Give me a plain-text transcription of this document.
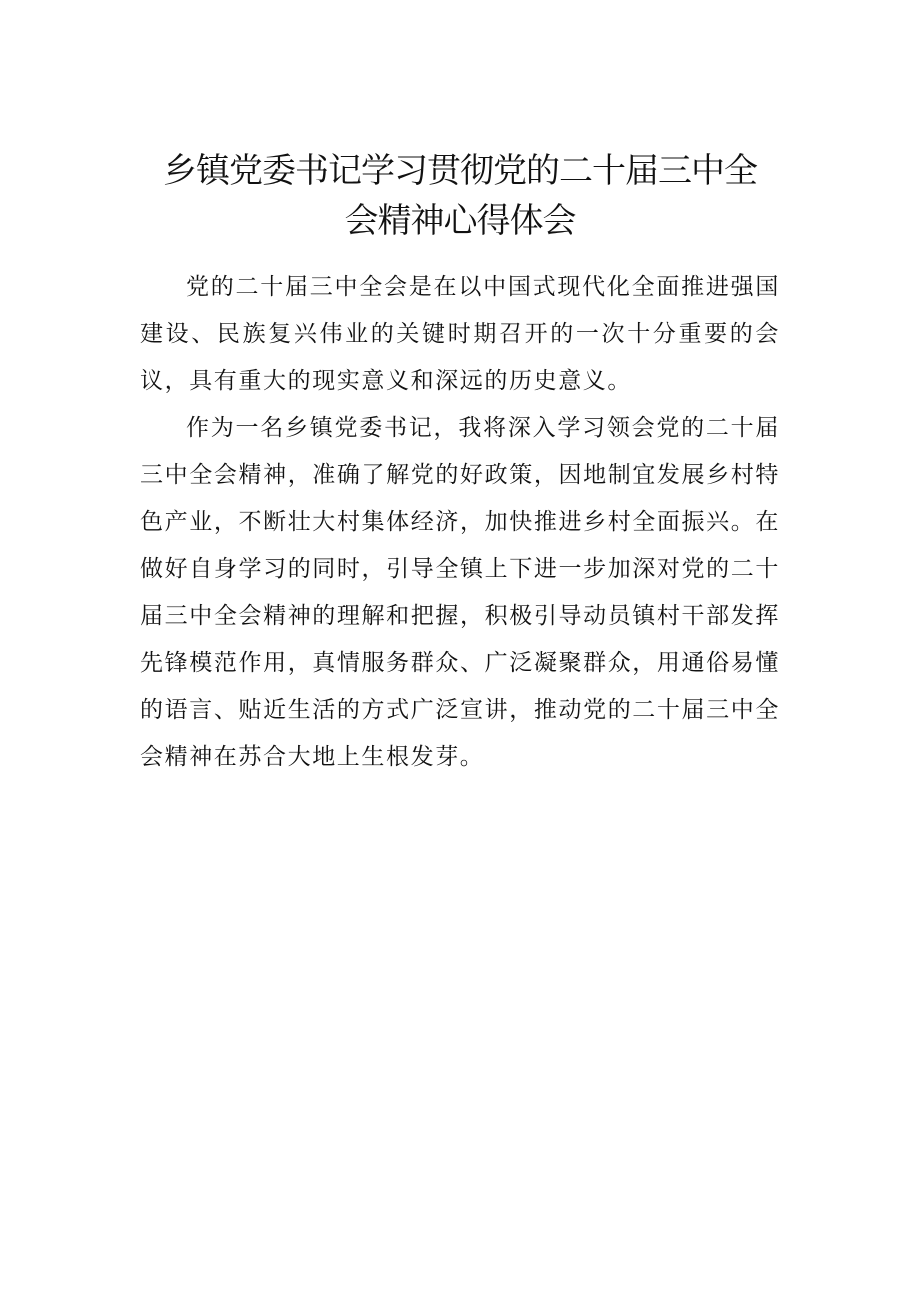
乡镇党委书记学习贯彻党的二十届三中全
会精神心得体会

党的二十届三中全会是在以中国式现代化全面推进强国建设、民族复兴伟业的关键时期召开的一次十分重要的会议，具有重大的现实意义和深远的历史意义。

作为一名乡镇党委书记，我将深入学习领会党的二十届三中全会精神，准确了解党的好政策，因地制宜发展乡村特色产业，不断壮大村集体经济，加快推进乡村全面振兴。在做好自身学习的同时，引导全镇上下进一步加深对党的二十届三中全会精神的理解和把握，积极引导动员镇村干部发挥先锋模范作用，真情服务群众、广泛凝聚群众，用通俗易懂的语言、贴近生活的方式广泛宣讲，推动党的二十届三中全会精神在苏合大地上生根发芽。
